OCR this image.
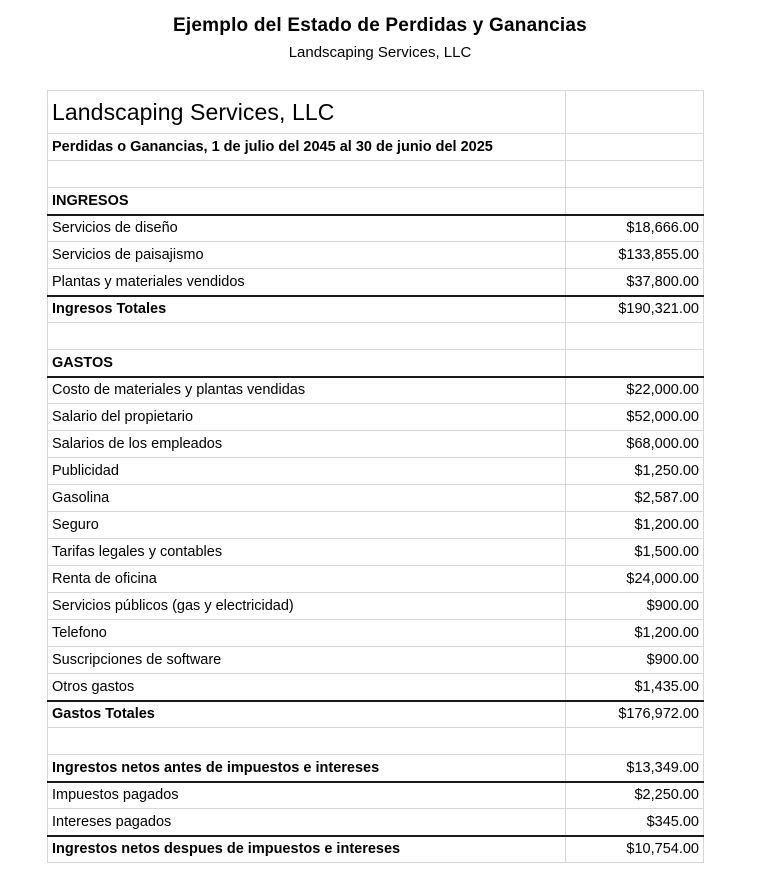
Ejemplo del Estado de Perdidas y Ganancias
Landscaping Services, LLC
Landscaping Services, LLC	
Perdidas o Ganancias, 1 de julio del 2045 al 30 de junio del 2025	

INGRESOS	
Servicios de diseño	$18,666.00
Servicios de paisajismo	$133,855.00
Plantas y materiales vendidos	$37,800.00
Ingresos Totales	$190,321.00

GASTOS	
Costo de materiales y plantas vendidas	$22,000.00
Salario del propietario	$52,000.00
Salarios de los empleados	$68,000.00
Publicidad	$1,250.00
Gasolina	$2,587.00
Seguro	$1,200.00
Tarifas legales y contables	$1,500.00
Renta de oficina	$24,000.00
Servicios públicos (gas y electricidad)	$900.00
Telefono	$1,200.00
Suscripciones de software	$900.00
Otros gastos	$1,435.00
Gastos Totales	$176,972.00

Ingrestos netos antes de impuestos e intereses	$13,349.00
Impuestos pagados	$2,250.00
Intereses pagados	$345.00
Ingrestos netos despues de impuestos e intereses	$10,754.00
